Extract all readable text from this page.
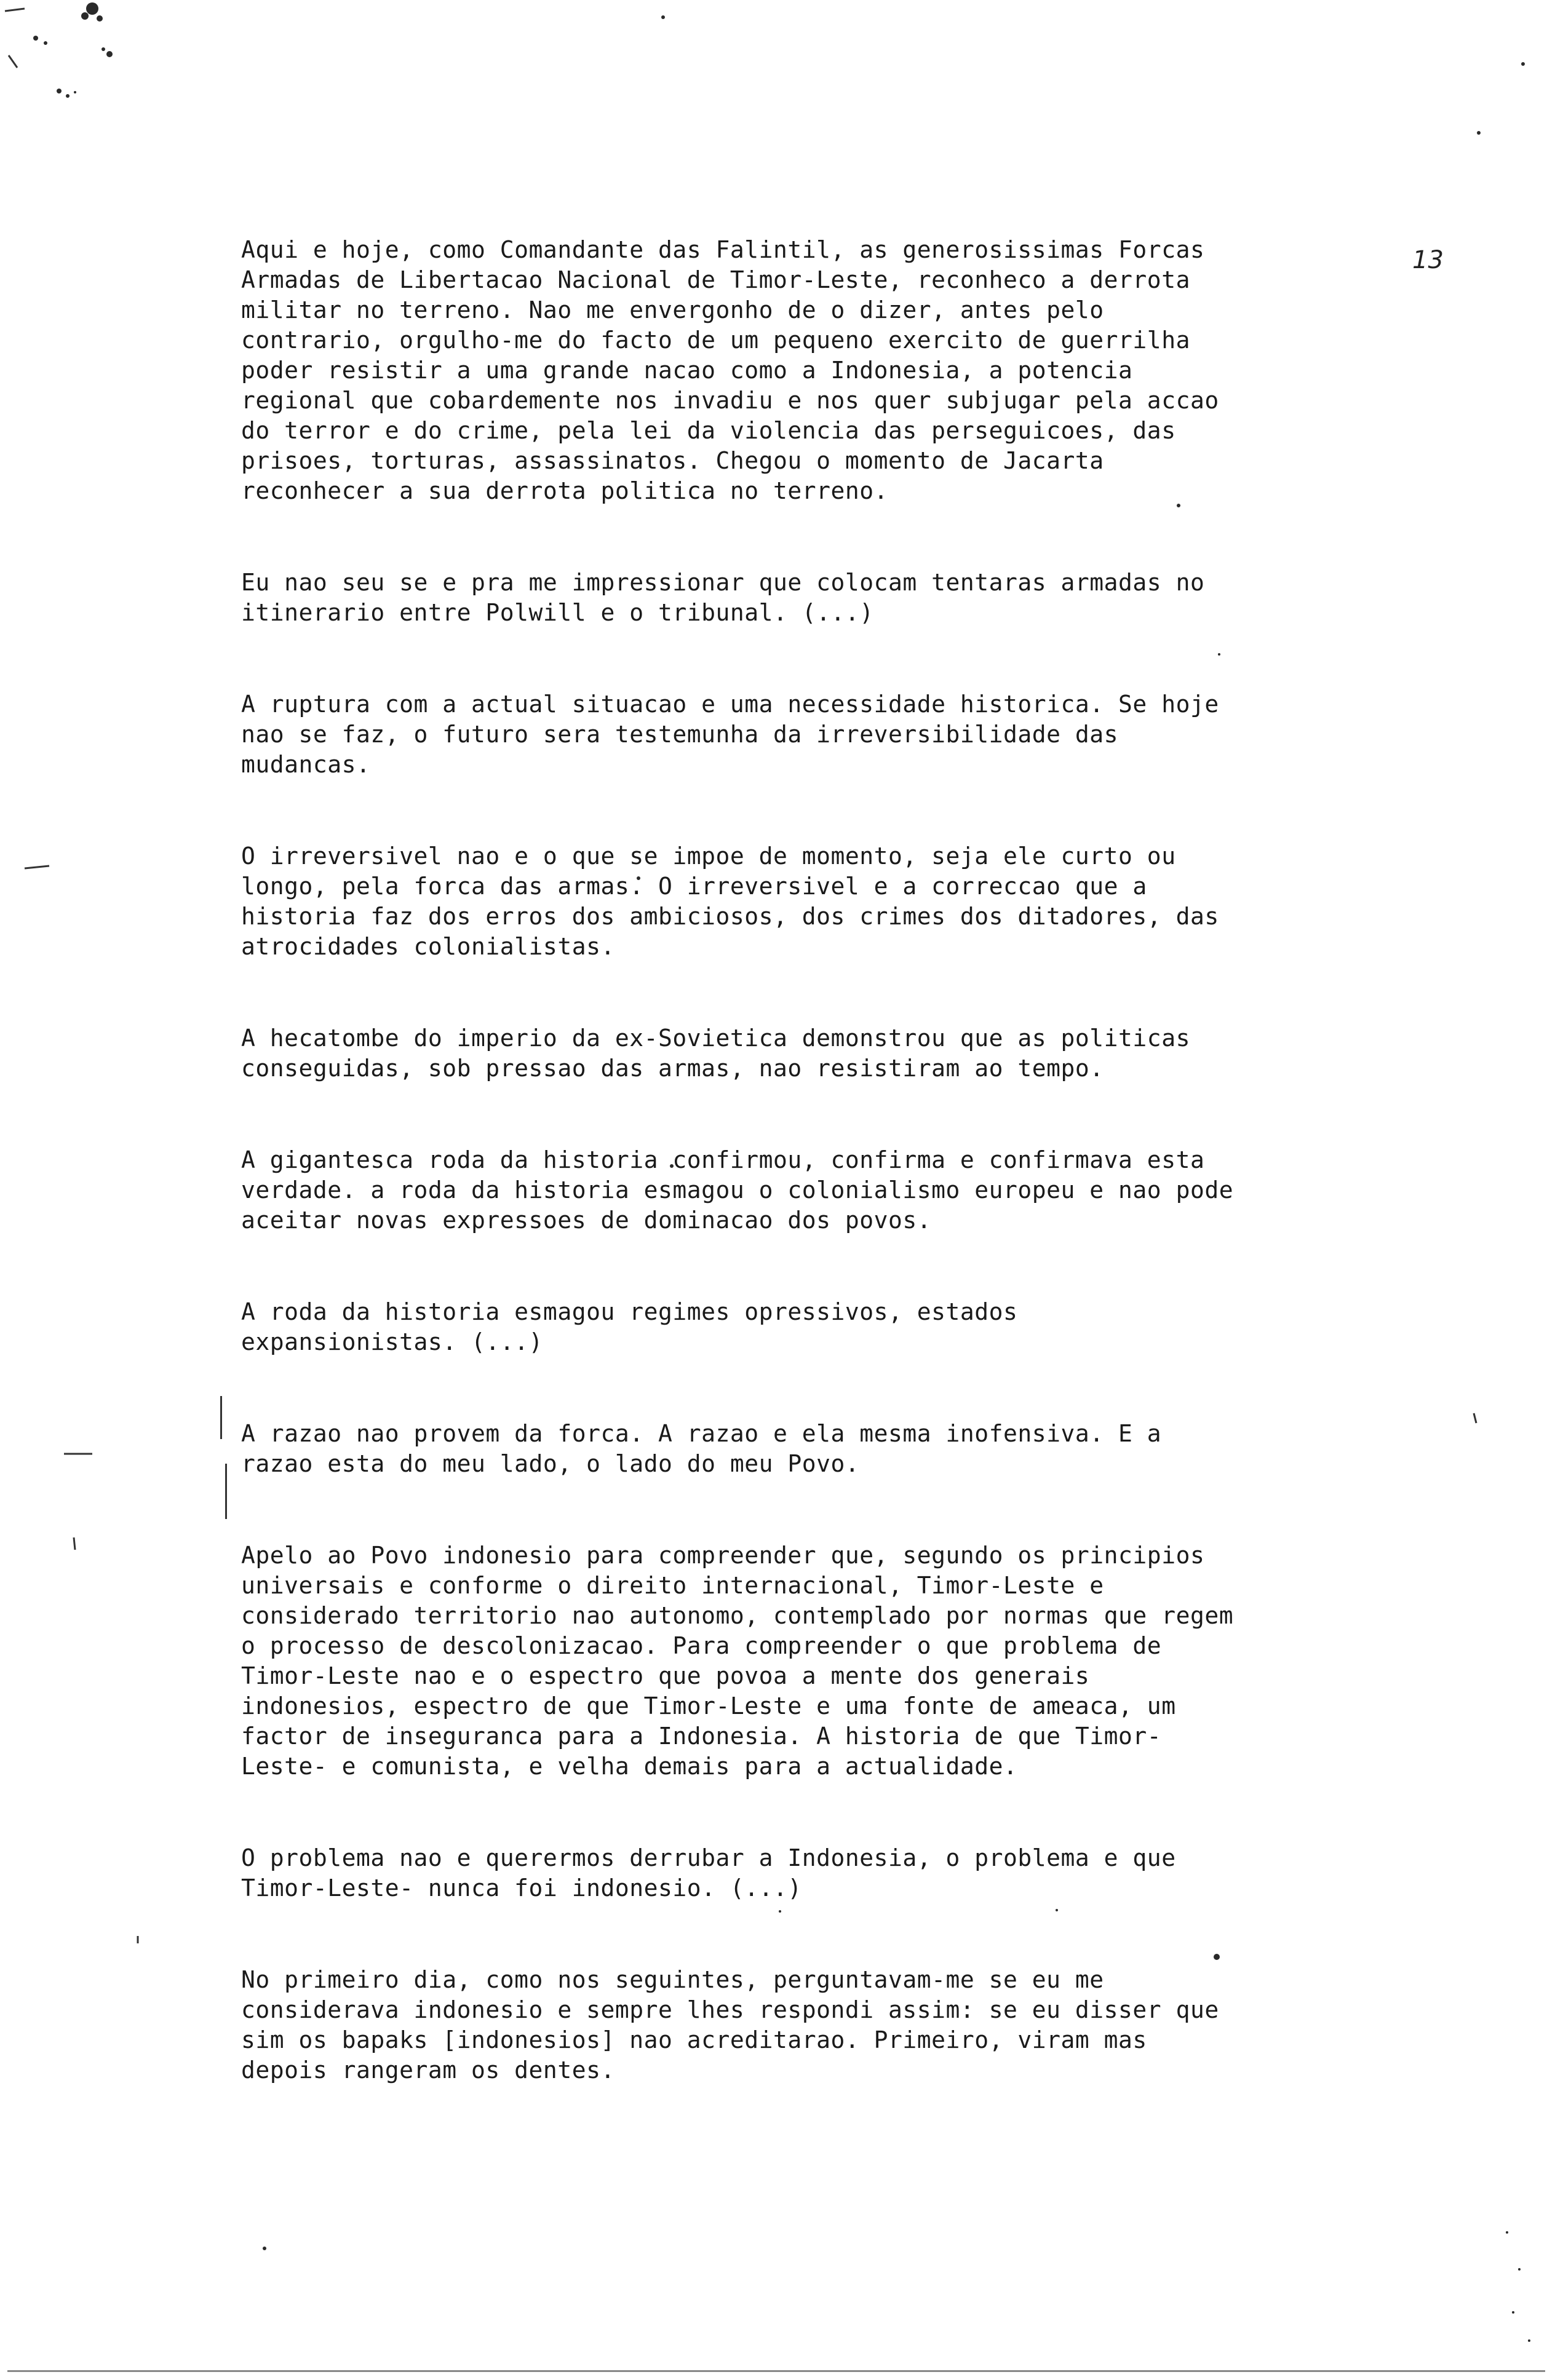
13
Aqui e hoje, como Comandante das Falintil, as generosissimas Forcas
Armadas de Libertacao Nacional de Timor-Leste, reconheco a derrota
militar no terreno. Nao me envergonho de o dizer, antes pelo
contrario, orgulho-me do facto de um pequeno exercito de guerrilha
poder resistir a uma grande nacao como a Indonesia, a potencia
regional que cobardemente nos invadiu e nos quer subjugar pela accao
do terror e do crime, pela lei da violencia das perseguicoes, das
prisoes, torturas, assassinatos. Chegou o momento de Jacarta
reconhecer a sua derrota politica no terreno.
Eu nao seu se e pra me impressionar que colocam tentaras armadas no
itinerario entre Polwill e o tribunal. (...)
A ruptura com a actual situacao e uma necessidade historica. Se hoje
nao se faz, o futuro sera testemunha da irreversibilidade das
mudancas.
O irreversivel nao e o que se impoe de momento, seja ele curto ou
longo, pela forca das armas. O irreversivel e a correccao que a
historia faz dos erros dos ambiciosos, dos crimes dos ditadores, das
atrocidades colonialistas.
A hecatombe do imperio da ex-Sovietica demonstrou que as politicas
conseguidas, sob pressao das armas, nao resistiram ao tempo.
A gigantesca roda da historia confirmou, confirma e confirmava esta
verdade. a roda da historia esmagou o colonialismo europeu e nao pode
aceitar novas expressoes de dominacao dos povos.
A roda da historia esmagou regimes opressivos, estados
expansionistas. (...)
A razao nao provem da forca. A razao e ela mesma inofensiva. E a
razao esta do meu lado, o lado do meu Povo.
Apelo ao Povo indonesio para compreender que, segundo os principios
universais e conforme o direito internacional, Timor-Leste e
considerado territorio nao autonomo, contemplado por normas que regem
o processo de descolonizacao. Para compreender o que problema de
Timor-Leste nao e o espectro que povoa a mente dos generais
indonesios, espectro de que Timor-Leste e uma fonte de ameaca, um
factor de inseguranca para a Indonesia. A historia de que Timor-
Leste- e comunista, e velha demais para a actualidade.
O problema nao e querermos derrubar a Indonesia, o problema e que
Timor-Leste- nunca foi indonesio. (...)
No primeiro dia, como nos seguintes, perguntavam-me se eu me
considerava indonesio e sempre lhes respondi assim: se eu disser que
sim os bapaks [indonesios] nao acreditarao. Primeiro, viram mas
depois rangeram os dentes.
